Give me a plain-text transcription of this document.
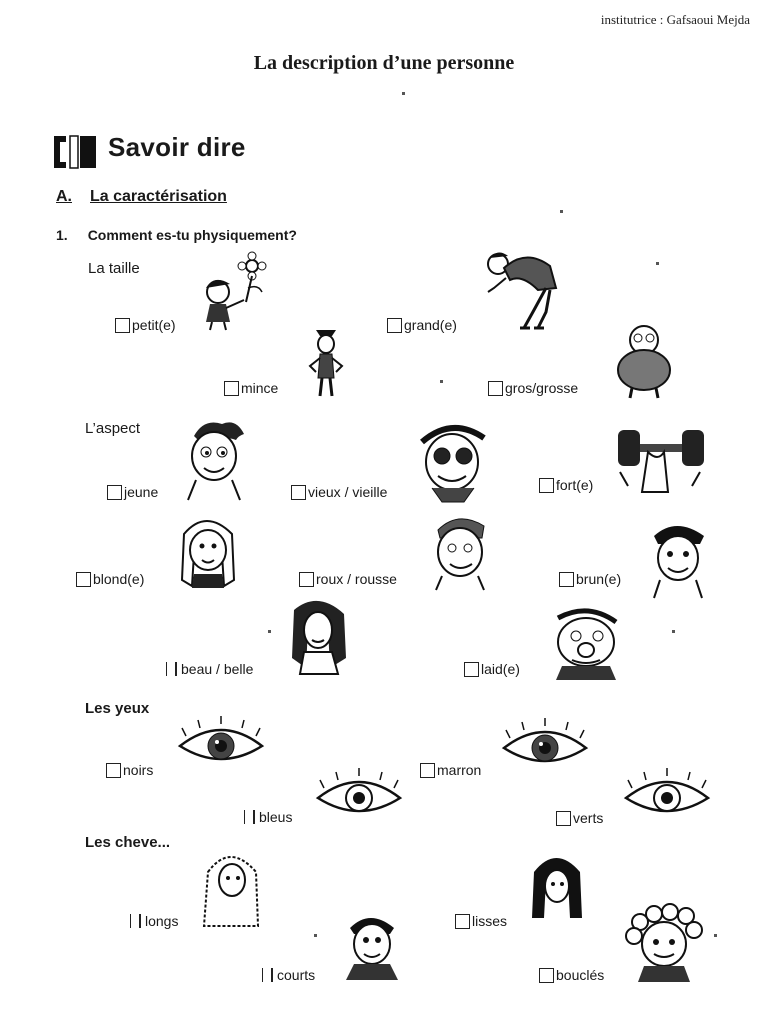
institutrice : Gafsaoui Mejda
La description d’une personne
Savoir dire
A. La caractérisation
1. Comment es-tu physiquement?
La taille
petit(e)	grand(e)
mince	gros/grosse
L’aspect
jeune	vieux / vieille	fort(e)
blond(e)	roux / rousse	brun(e)
beau / belle	laid(e)
Les yeux
noirs	marron
bleus	verts
Les cheve...
longs	lisses
courts	bouclés
